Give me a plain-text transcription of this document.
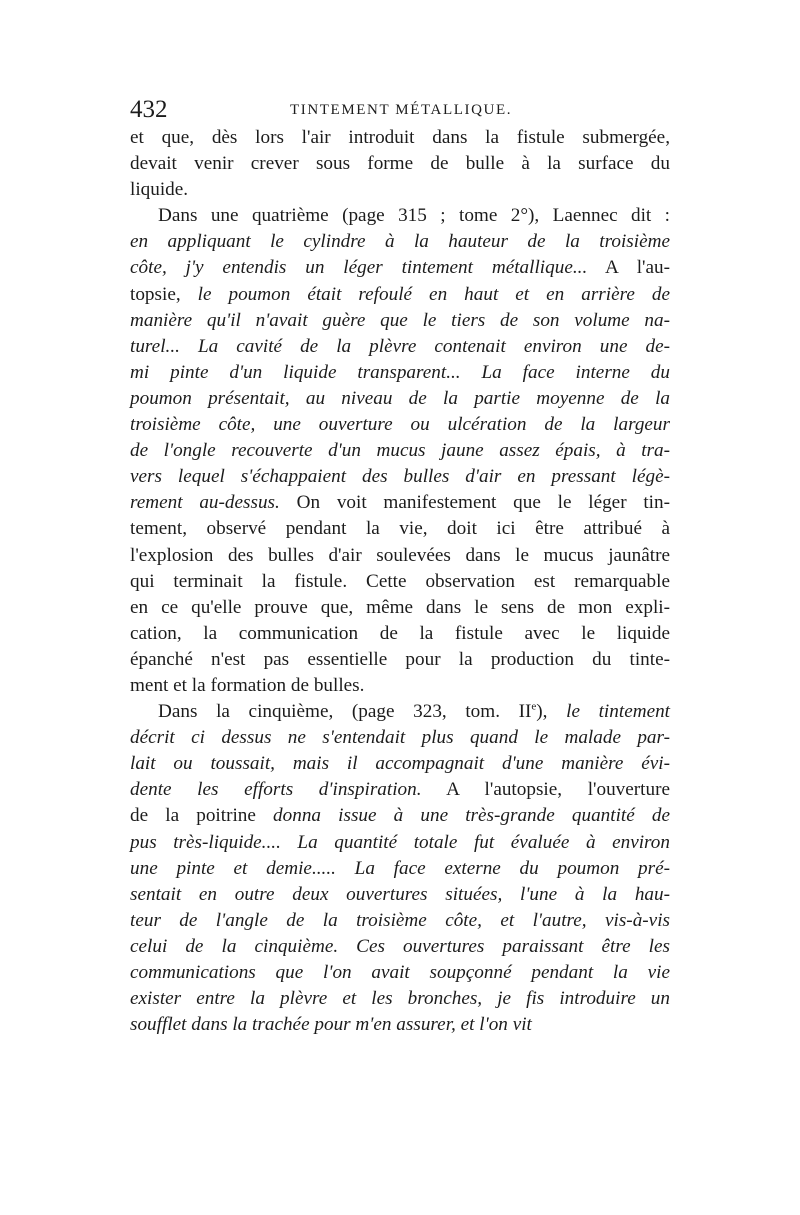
432	TINTEMENT MÉTALLIQUE.
et que, dès lors l'air introduit dans la fistule submergée,
devait venir crever sous forme de bulle à la surface du
liquide.
Dans une quatrième (page 315 ; tome 2°), Laennec dit :
en appliquant le cylindre à la hauteur de la troisième
côte, j'y entendis un léger tintement métallique... A l'au-
topsie, le poumon était refoulé en haut et en arrière de
manière qu'il n'avait guère que le tiers de son volume na-
turel... La cavité de la plèvre contenait environ une de-
mi pinte d'un liquide transparent... La face interne du
poumon présentait, au niveau de la partie moyenne de la
troisième côte, une ouverture ou ulcération de la largeur
de l'ongle recouverte d'un mucus jaune assez épais, à tra-
vers lequel s'échappaient des bulles d'air en pressant légè-
rement au-dessus. On voit manifestement que le léger tin-
tement, observé pendant la vie, doit ici être attribué à
l'explosion des bulles d'air soulevées dans le mucus jaunâtre
qui terminait la fistule. Cette observation est remarquable
en ce qu'elle prouve que, même dans le sens de mon expli-
cation, la communication de la fistule avec le liquide
épanché n'est pas essentielle pour la production du tinte-
ment et la formation de bulles.
Dans la cinquième, (page 323, tom. IIe), le tintement
décrit ci dessus ne s'entendait plus quand le malade par-
lait ou toussait, mais il accompagnait d'une manière évi-
dente les efforts d'inspiration. A l'autopsie, l'ouverture
de la poitrine donna issue à une très-grande quantité de
pus très-liquide.... La quantité totale fut évaluée à environ
une pinte et demie..... La face externe du poumon pré-
sentait en outre deux ouvertures situées, l'une à la hau-
teur de l'angle de la troisième côte, et l'autre, vis-à-vis
celui de la cinquième. Ces ouvertures paraissant être les
communications que l'on avait soupçonné pendant la vie
exister entre la plèvre et les bronches, je fis introduire un
soufflet dans la trachée pour m'en assurer, et l'on vit
